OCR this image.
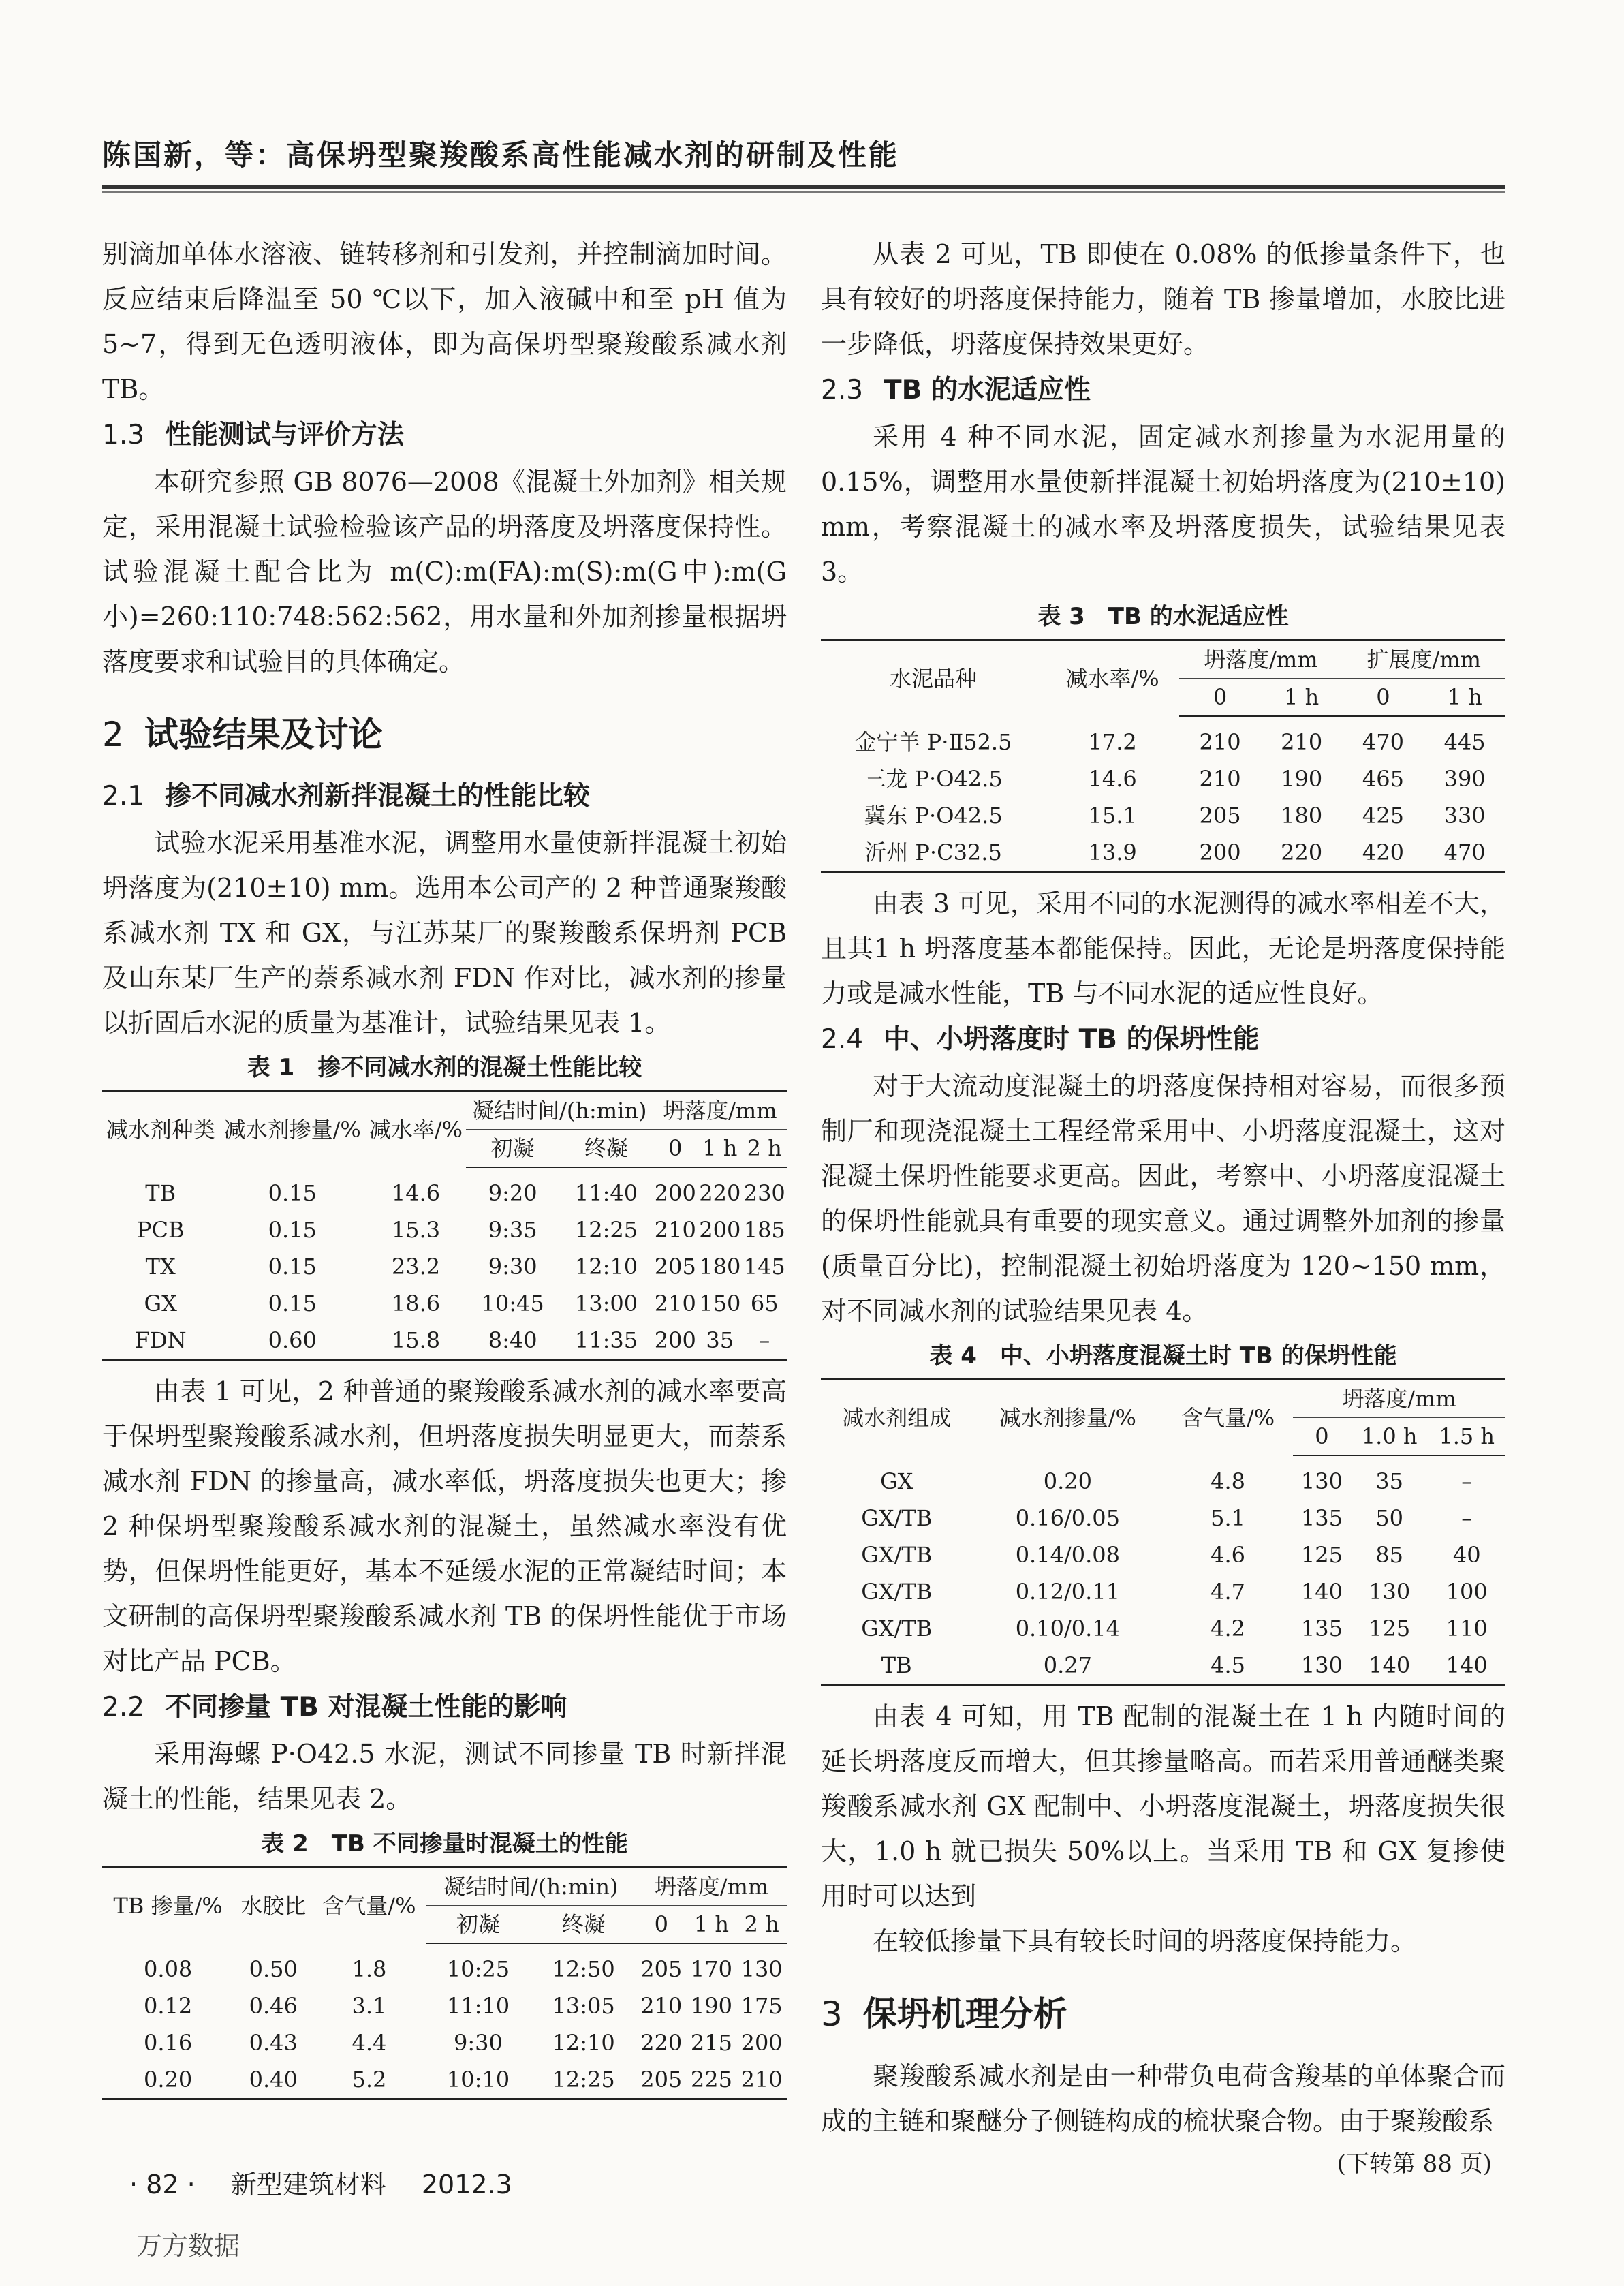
陈国新，等：高保坍型聚羧酸系高性能减水剂的研制及性能

别滴加单体水溶液、链转移剂和引发剂，并控制滴加时间。反应结束后降温至 50 ℃以下，加入液碱中和至 pH 值为 5~7，得到无色透明液体，即为高保坍型聚羧酸系减水剂 TB。

1.3 性能测试与评价方法

本研究参照 GB 8076—2008《混凝土外加剂》相关规定，采用混凝土试验检验该产品的坍落度及坍落度保持性。试验混凝土配合比为 m(C):m(FA):m(S):m(G中):m(G小)=260:110:748:562:562，用水量和外加剂掺量根据坍落度要求和试验目的具体确定。

2 试验结果及讨论
2.1 掺不同减水剂新拌混凝土的性能比较

试验水泥采用基准水泥，调整用水量使新拌混凝土初始坍落度为(210±10) mm。选用本公司产的 2 种普通聚羧酸系减水剂 TX 和 GX，与江苏某厂的聚羧酸系保坍剂 PCB 及山东某厂生产的萘系减水剂 FDN 作对比，减水剂的掺量以折固后水泥的质量为基准计，试验结果见表 1。

表 1　掺不同减水剂的混凝土性能比较
减水剂种类	减水剂掺量/%	减水率/%	凝结时间/(h:min)		坍落度/mm		
			初凝	终凝	0	1 h	2 h
TB	0.15	14.6	9:20	11:40	200	220	230
PCB	0.15	15.3	9:35	12:25	210	200	185
TX	0.15	23.2	9:30	12:10	205	180	145
GX	0.15	18.6	10:45	13:00	210	150	65
FDN	0.60	15.8	8:40	11:35	200	35	–

由表 1 可见，2 种普通的聚羧酸系减水剂的减水率要高于保坍型聚羧酸系减水剂，但坍落度损失明显更大，而萘系减水剂 FDN 的掺量高，减水率低，坍落度损失也更大；掺 2 种保坍型聚羧酸系减水剂的混凝土，虽然减水率没有优势，但保坍性能更好，基本不延缓水泥的正常凝结时间；本文研制的高保坍型聚羧酸系减水剂 TB 的保坍性能优于市场对比产品 PCB。

2.2 不同掺量 TB 对混凝土性能的影响

采用海螺 P·O42.5 水泥，测试不同掺量 TB 时新拌混凝土的性能，结果见表 2。

表 2　TB 不同掺量时混凝土的性能
TB 掺量/%	水胶比	含气量/%	凝结时间/(h:min)		坍落度/mm		
			初凝	终凝	0	1 h	2 h
0.08	0.50	1.8	10:25	12:50	205	170	130
0.12	0.46	3.1	11:10	13:05	210	190	175
0.16	0.43	4.4	9:30	12:10	220	215	200
0.20	0.40	5.2	10:10	12:25	205	225	210

从表 2 可见，TB 即使在 0.08% 的低掺量条件下，也具有较好的坍落度保持能力，随着 TB 掺量增加，水胶比进一步降低，坍落度保持效果更好。

2.3 TB 的水泥适应性

采用 4 种不同水泥，固定减水剂掺量为水泥用量的 0.15%，调整用水量使新拌混凝土初始坍落度为(210±10) mm，考察混凝土的减水率及坍落度损失，试验结果见表 3。

表 3　TB 的水泥适应性
水泥品种	减水率/%	坍落度/mm		扩展度/mm	
		0	1 h	0	1 h
金宁羊 P·Ⅱ52.5	17.2	210	210	470	445
三龙 P·O42.5	14.6	210	190	465	390
冀东 P·O42.5	15.1	205	180	425	330
沂州 P·C32.5	13.9	200	220	420	470

由表 3 可见，采用不同的水泥测得的减水率相差不大，且其1 h 坍落度基本都能保持。因此，无论是坍落度保持能力或是减水性能，TB 与不同水泥的适应性良好。

2.4 中、小坍落度时 TB 的保坍性能

对于大流动度混凝土的坍落度保持相对容易，而很多预制厂和现浇混凝土工程经常采用中、小坍落度混凝土，这对混凝土保坍性能要求更高。因此，考察中、小坍落度混凝土的保坍性能就具有重要的现实意义。通过调整外加剂的掺量(质量百分比)，控制混凝土初始坍落度为 120~150 mm，对不同减水剂的试验结果见表 4。

表 4　中、小坍落度混凝土时 TB 的保坍性能
减水剂组成	减水剂掺量/%	含气量/%	坍落度/mm		
			0	1.0 h	1.5 h
GX	0.20	4.8	130	35	–
GX/TB	0.16/0.05	5.1	135	50	–
GX/TB	0.14/0.08	4.6	125	85	40
GX/TB	0.12/0.11	4.7	140	130	100
GX/TB	0.10/0.14	4.2	135	125	110
TB	0.27	4.5	130	140	140

由表 4 可知，用 TB 配制的混凝土在 1 h 内随时间的延长坍落度反而增大，但其掺量略高。而若采用普通醚类聚羧酸系减水剂 GX 配制中、小坍落度混凝土，坍落度损失很大，1.0 h 就已损失 50%以上。当采用 TB 和 GX 复掺使用时可以达到

在较低掺量下具有较长时间的坍落度保持能力。

3 保坍机理分析

聚羧酸系减水剂是由一种带负电荷含羧基的单体聚合而成的主链和聚醚分子侧链构成的梳状聚合物。由于聚羧酸系

(下转第 88 页)
· 82 · 新型建筑材料 2012.3
万方数据
